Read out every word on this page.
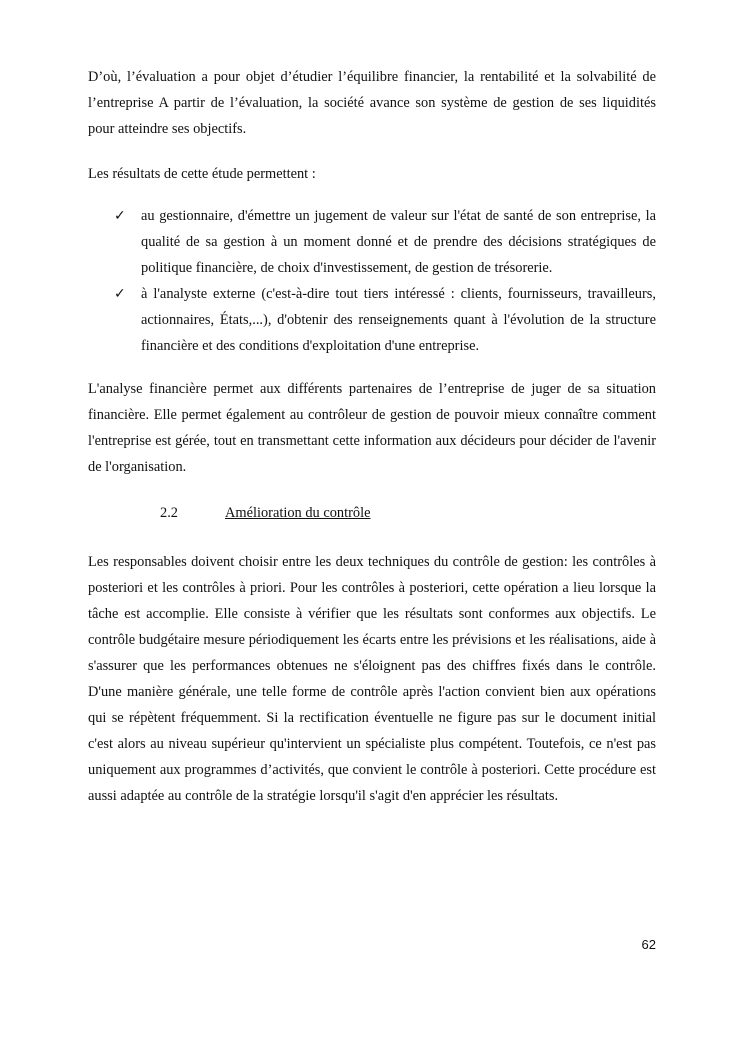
D’où, l’évaluation a pour objet d’étudier l’équilibre financier, la rentabilité et la solvabilité de l’entreprise A partir de l’évaluation, la société avance son système de gestion de ses liquidités pour atteindre ses objectifs.

Les résultats de cette étude permettent :

✓ au gestionnaire, d'émettre un jugement de valeur sur l'état de santé de son entreprise, la qualité de sa gestion à un moment donné et de prendre des décisions stratégiques de politique financière, de choix d'investissement, de gestion de trésorerie.
✓ à l'analyste externe (c'est-à-dire tout tiers intéressé : clients, fournisseurs, travailleurs, actionnaires, États,...), d'obtenir des renseignements quant à l'évolution de la structure financière et des conditions d'exploitation d'une entreprise.

L'analyse financière permet aux différents partenaires de l’entreprise de juger de sa situation financière. Elle permet également au contrôleur de gestion de pouvoir mieux connaître comment l'entreprise est gérée, tout en transmettant cette information aux décideurs pour décider de l'avenir de l'organisation.

2.2	Amélioration du contrôle

Les responsables doivent choisir entre les deux techniques du contrôle de gestion: les contrôles à posteriori et les contrôles à priori. Pour les contrôles à posteriori, cette opération a lieu lorsque la tâche est accomplie. Elle consiste à vérifier que les résultats sont conformes aux objectifs. Le contrôle budgétaire mesure périodiquement les écarts entre les prévisions et les réalisations, aide à s'assurer que les performances obtenues ne s'éloignent pas des chiffres fixés dans le contrôle. D'une manière générale, une telle forme de contrôle après l'action convient bien aux opérations qui se répètent fréquemment. Si la rectification éventuelle ne figure pas sur le document initial c'est alors au niveau supérieur qu'intervient un spécialiste plus compétent. Toutefois, ce n'est pas uniquement aux programmes d’activités, que convient le contrôle à posteriori. Cette procédure est aussi adaptée au contrôle de la stratégie lorsqu'il s'agit d'en apprécier les résultats.

62
